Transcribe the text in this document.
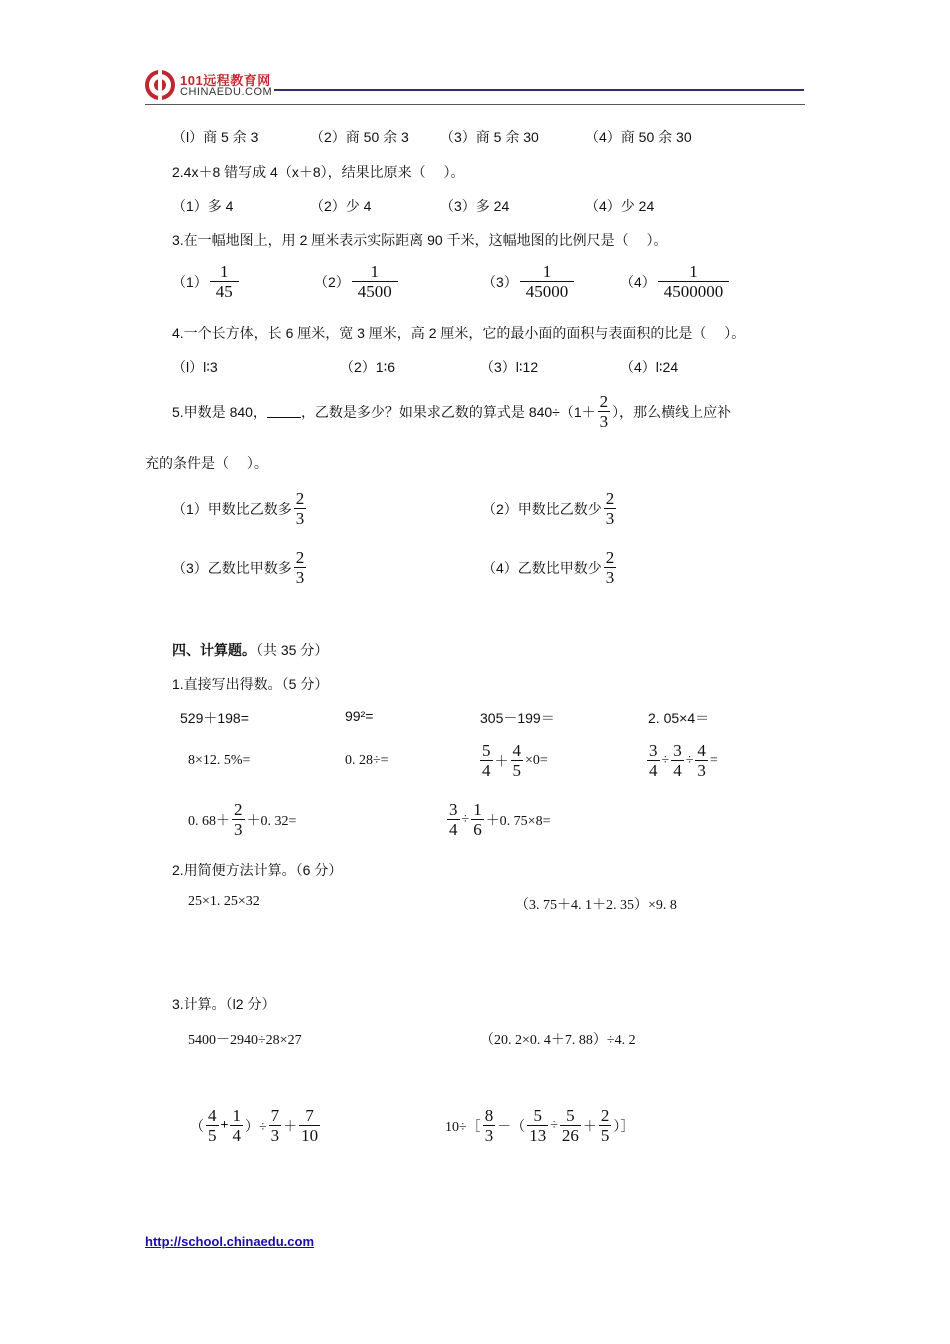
101远程教育网
CHINAEDU.COM
（l）商 5 余 3	（2）商 50 余 3 （3）商 5 余 30	（4）商 50 余 30
2.4x＋8 错写成 4（x＋8），结果比原来（　 ）。
（1）多 4	（2）少 4	（3）多 24	（4）少 24
3.在一幅地图上，用 2 厘米表示实际距离 90 千米，这幅地图的比例尺是（　 ）。
$(1) \frac{1}{45}$	$(2) \frac{1}{4500}$	$(3) \frac{1}{45000}$	$(4) \frac{1}{4500000}$
4.一个长方体，长 6 厘米，宽 3 厘米，高 2 厘米，它的最小面的面积与表面积的比是（　 ）。
（l）l∶3	（2）1∶6	（3）l∶12	（4）l∶24
5.甲数是 840， ，乙数是多少？如果求乙数的算式是 $840\div(1+ \frac{2}{3}$ ），那么横线上应补
充的条件是（　 ）。
（1）甲数比乙数多 $\frac{2}{3}$	（2）甲数比乙数少 $\frac{2}{3}$
（3）乙数比甲数多 $\frac{2}{3}$	（4）乙数比甲数少 $\frac{2}{3}$
四、计算题。（共 35 分）
1.直接写出得数。（5 分）
529＋198=	99²=	305－199＝	2. 05×4＝
8×12. 5%=	0. 28÷=	$\frac{5}{4} + \frac{4}{5} \times 0=$	$\frac{3}{4} \div \frac{3}{4} \div \frac{4}{3}$ =
0. $68+ \frac{2}{3} +0$. 32=	$\frac{3}{4} \div \frac{1}{6} +0$. 75×8=
2.用简便方法计算。（6 分）
25×1. 25×32	（3. 75＋4. 1＋2. 35）×9. 8
3.计算。（l2 分）
5400－2940÷28×27	（20. 2×0. 4＋7. 88）÷4. 2
（ $\frac{4}{5} + \frac{1}{4}$ ）÷ $\frac{7}{3} + \frac{7}{10}$	10÷［ $\frac{8}{3}$ －（ $\frac{5}{13} \div \frac{5}{26} + \frac{2}{5}$ ）］
http://school.chinaedu.com
